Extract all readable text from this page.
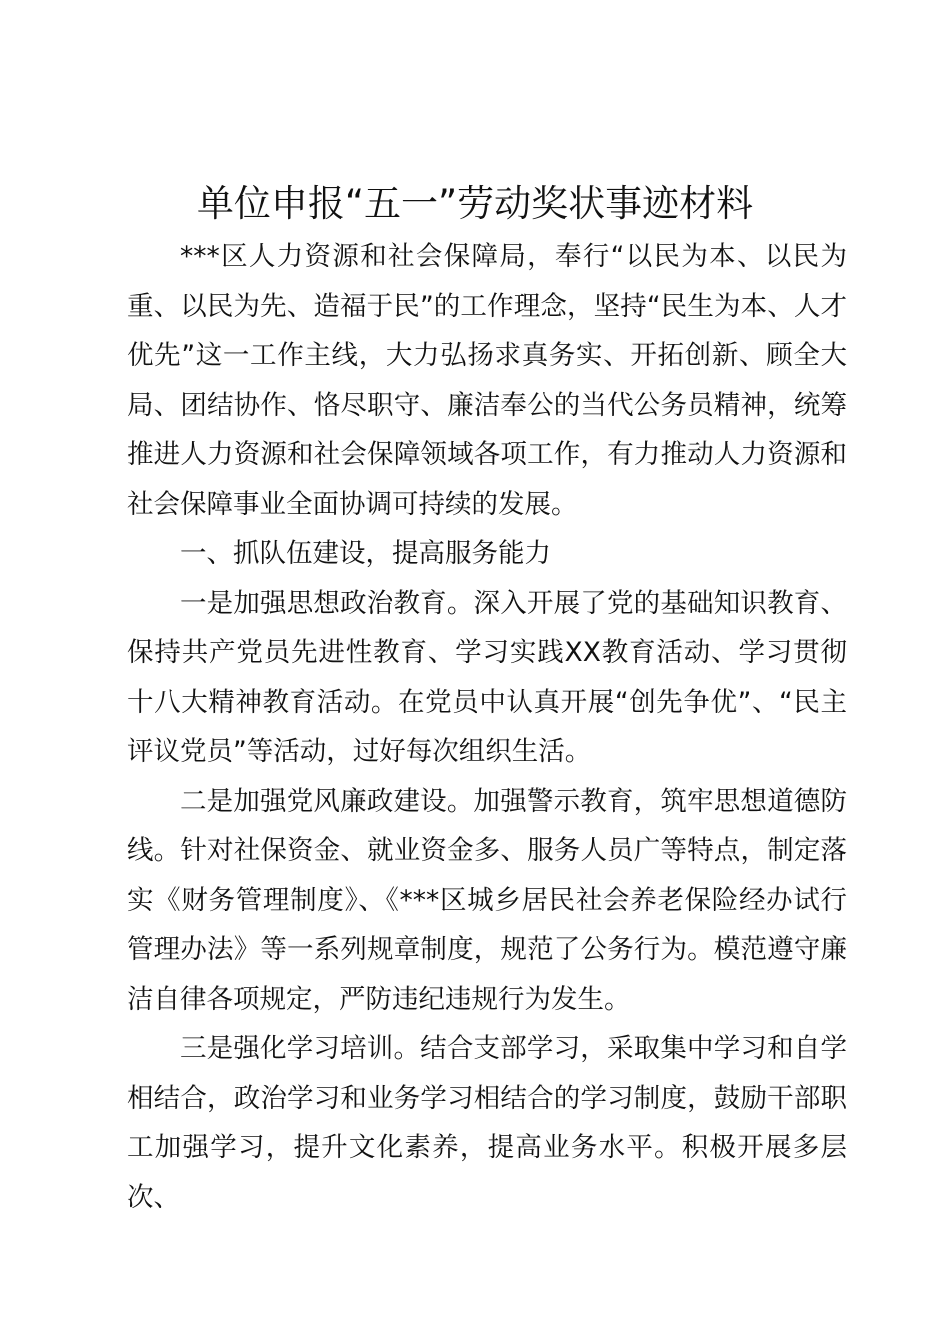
单位申报“五一”劳动奖状事迹材料

***区人力资源和社会保障局，奉行“以民为本、以民为重、以民为先、造福于民”的工作理念，坚持“民生为本、人才优先”这一工作主线，大力弘扬求真务实、开拓创新、顾全大局、团结协作、恪尽职守、廉洁奉公的当代公务员精神，统筹推进人力资源和社会保障领域各项工作，有力推动人力资源和社会保障事业全面协调可持续的发展。

一、抓队伍建设，提高服务能力

一是加强思想政治教育。深入开展了党的基础知识教育、保持共产党员先进性教育、学习实践XX教育活动、学习贯彻十八大精神教育活动。在党员中认真开展“创先争优”、“民主评议党员”等活动，过好每次组织生活。

二是加强党风廉政建设。加强警示教育，筑牢思想道德防线。针对社保资金、就业资金多、服务人员广等特点，制定落实《财务管理制度》、《***区城乡居民社会养老保险经办试行管理办法》等一系列规章制度，规范了公务行为。模范遵守廉洁自律各项规定，严防违纪违规行为发生。

三是强化学习培训。结合支部学习，采取集中学习和自学相结合，政治学习和业务学习相结合的学习制度，鼓励干部职工加强学习，提升文化素养，提高业务水平。积极开展多层次、
